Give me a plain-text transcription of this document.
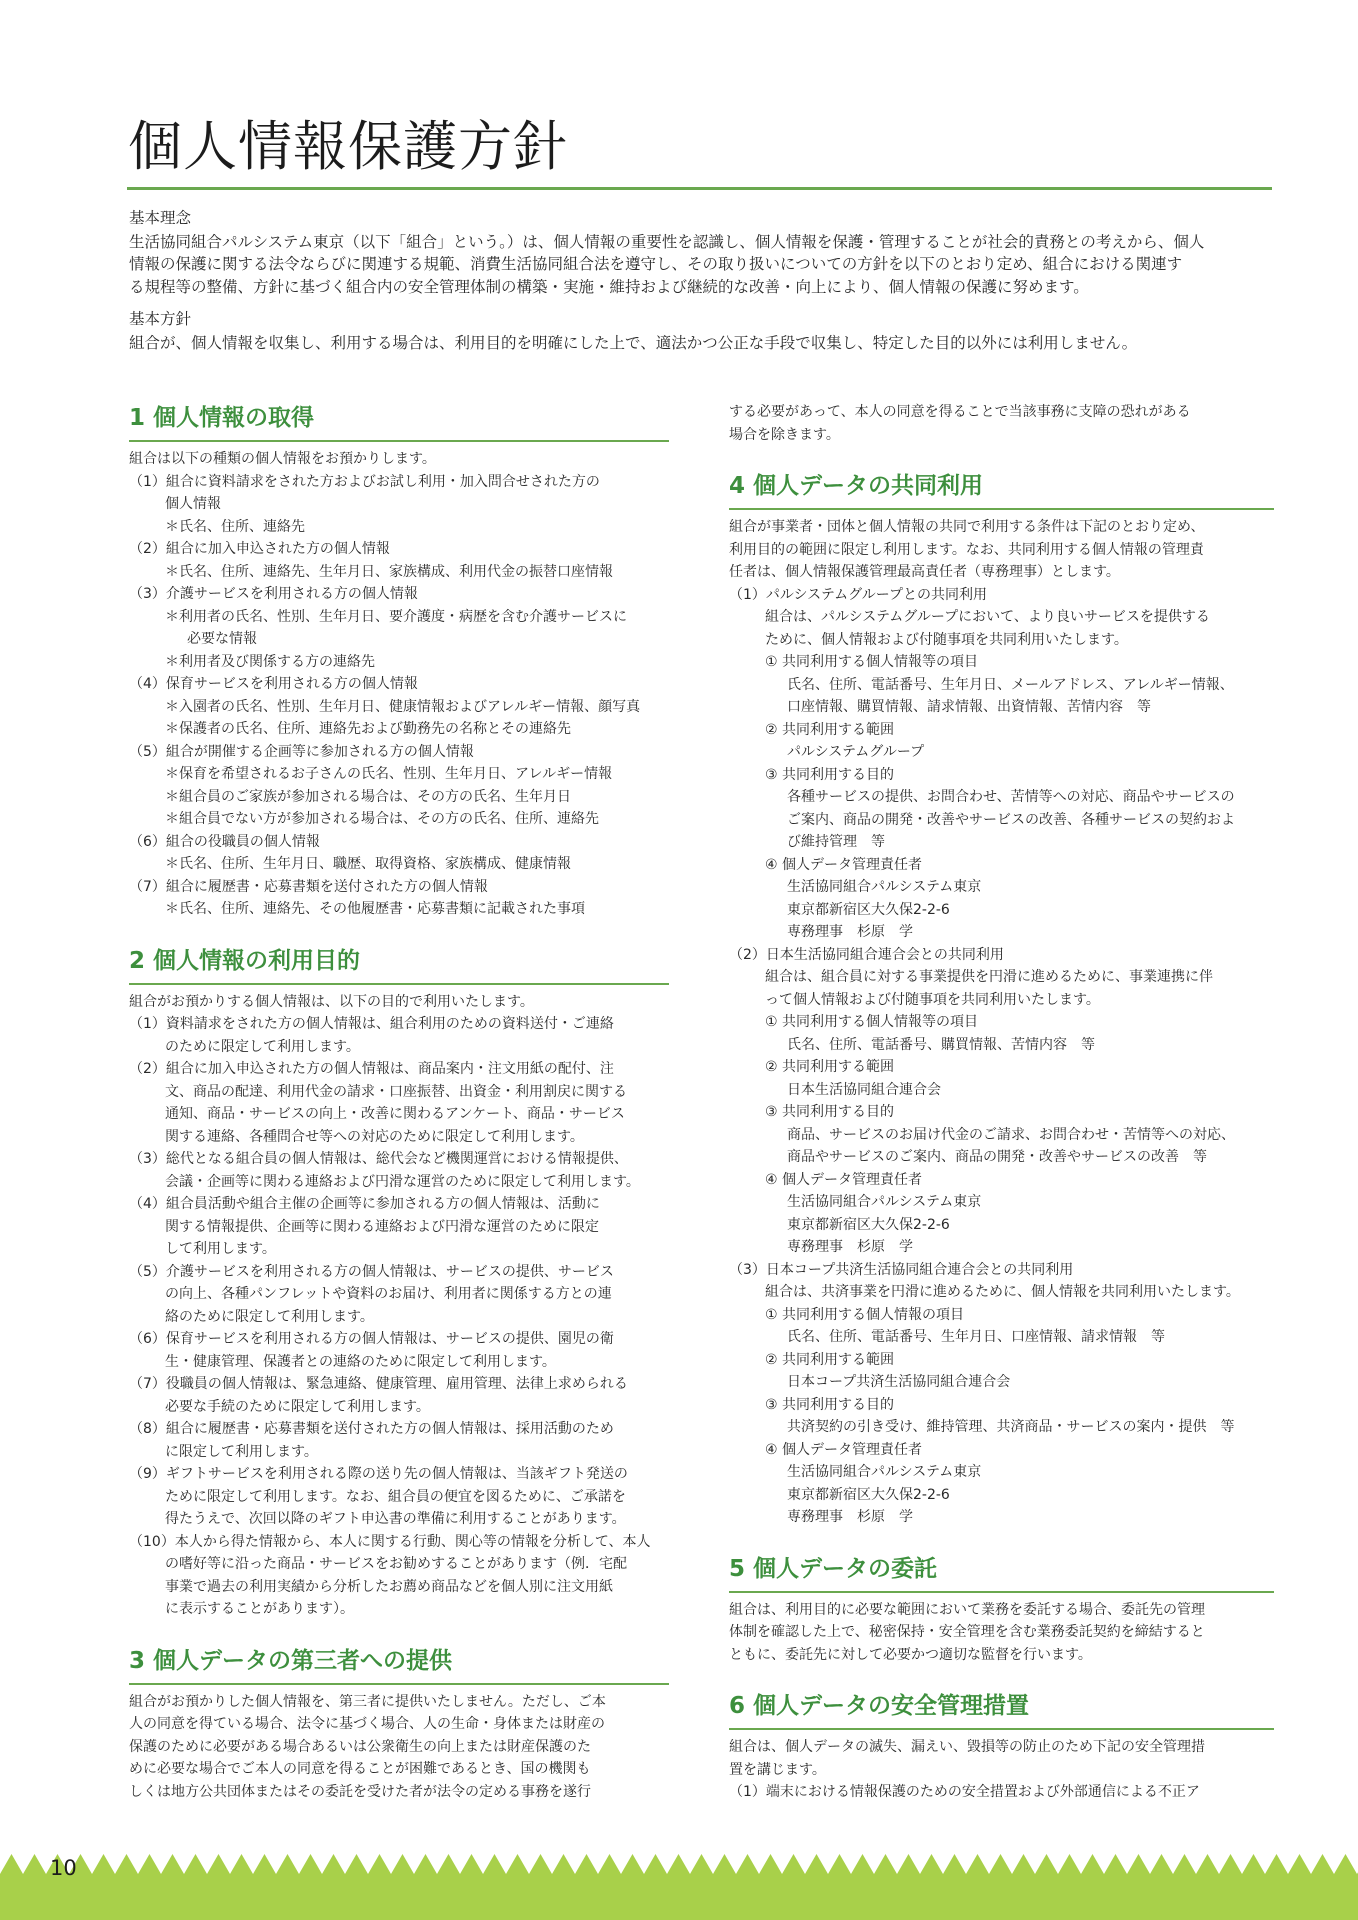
個人情報保護方針
基本理念
生活協同組合パルシステム東京（以下「組合」という。）は、個人情報の重要性を認識し、個人情報を保護・管理することが社会的責務との考えから、個人
情報の保護に関する法令ならびに関連する規範、消費生活協同組合法を遵守し、その取り扱いについての方針を以下のとおり定め、組合における関連す
る規程等の整備、方針に基づく組合内の安全管理体制の構築・実施・維持および継続的な改善・向上により、個人情報の保護に努めます。
基本方針
組合が、個人情報を収集し、利用する場合は、利用目的を明確にした上で、適法かつ公正な手段で収集し、特定した目的以外には利用しません。
1 個人情報の取得
組合は以下の種類の個人情報をお預かりします。
（1）組合に資料請求をされた方およびお試し利用・加入問合せされた方の
個人情報
＊氏名、住所、連絡先
（2）組合に加入申込された方の個人情報
＊氏名、住所、連絡先、生年月日、家族構成、利用代金の振替口座情報
（3）介護サービスを利用される方の個人情報
＊利用者の氏名、性別、生年月日、要介護度・病歴を含む介護サービスに
必要な情報
＊利用者及び関係する方の連絡先
（4）保育サービスを利用される方の個人情報
＊入園者の氏名、性別、生年月日、健康情報およびアレルギー情報、顔写真
＊保護者の氏名、住所、連絡先および勤務先の名称とその連絡先
（5）組合が開催する企画等に参加される方の個人情報
＊保育を希望されるお子さんの氏名、性別、生年月日、アレルギー情報
＊組合員のご家族が参加される場合は、その方の氏名、生年月日
＊組合員でない方が参加される場合は、その方の氏名、住所、連絡先
（6）組合の役職員の個人情報
＊氏名、住所、生年月日、職歴、取得資格、家族構成、健康情報
（7）組合に履歴書・応募書類を送付された方の個人情報
＊氏名、住所、連絡先、その他履歴書・応募書類に記載された事項
2 個人情報の利用目的
組合がお預かりする個人情報は、以下の目的で利用いたします。
（1）資料請求をされた方の個人情報は、組合利用のための資料送付・ご連絡
のために限定して利用します。
（2）組合に加入申込された方の個人情報は、商品案内・注文用紙の配付、注
文、商品の配達、利用代金の請求・口座振替、出資金・利用割戻に関する
通知、商品・サービスの向上・改善に関わるアンケート、商品・サービス
関する連絡、各種問合せ等への対応のために限定して利用します。
（3）総代となる組合員の個人情報は、総代会など機関運営における情報提供、
会議・企画等に関わる連絡および円滑な運営のために限定して利用します。
（4）組合員活動や組合主催の企画等に参加される方の個人情報は、活動に
関する情報提供、企画等に関わる連絡および円滑な運営のために限定
して利用します。
（5）介護サービスを利用される方の個人情報は、サービスの提供、サービス
の向上、各種パンフレットや資料のお届け、利用者に関係する方との連
絡のために限定して利用します。
（6）保育サービスを利用される方の個人情報は、サービスの提供、園児の衛
生・健康管理、保護者との連絡のために限定して利用します。
（7）役職員の個人情報は、緊急連絡、健康管理、雇用管理、法律上求められる
必要な手続のために限定して利用します。
（8）組合に履歴書・応募書類を送付された方の個人情報は、採用活動のため
に限定して利用します。
（9）ギフトサービスを利用される際の送り先の個人情報は、当該ギフト発送の
ために限定して利用します。なお、組合員の便宜を図るために、ご承諾を
得たうえで、次回以降のギフト申込書の準備に利用することがあります。
（10）本人から得た情報から、本人に関する行動、関心等の情報を分析して、本人
の嗜好等に沿った商品・サービスをお勧めすることがあります（例．宅配
事業で過去の利用実績から分析したお薦め商品などを個人別に注文用紙
に表示することがあります）。
3 個人データの第三者への提供
組合がお預かりした個人情報を、第三者に提供いたしません。ただし、ご本
人の同意を得ている場合、法令に基づく場合、人の生命・身体または財産の
保護のために必要がある場合あるいは公衆衛生の向上または財産保護のた
めに必要な場合でご本人の同意を得ることが困難であるとき、国の機関も
しくは地方公共団体またはその委託を受けた者が法令の定める事務を遂行
する必要があって、本人の同意を得ることで当該事務に支障の恐れがある
場合を除きます。
4 個人データの共同利用
組合が事業者・団体と個人情報の共同で利用する条件は下記のとおり定め、
利用目的の範囲に限定し利用します。なお、共同利用する個人情報の管理責
任者は、個人情報保護管理最高責任者（専務理事）とします。
（1）パルシステムグループとの共同利用
組合は、パルシステムグループにおいて、より良いサービスを提供する
ために、個人情報および付随事項を共同利用いたします。
① 共同利用する個人情報等の項目
氏名、住所、電話番号、生年月日、メールアドレス、アレルギー情報、
口座情報、購買情報、請求情報、出資情報、苦情内容　等
② 共同利用する範囲
パルシステムグループ
③ 共同利用する目的
各種サービスの提供、お問合わせ、苦情等への対応、商品やサービスの
ご案内、商品の開発・改善やサービスの改善、各種サービスの契約およ
び維持管理　等
④ 個人データ管理責任者
生活協同組合パルシステム東京
東京都新宿区大久保2-2-6
専務理事　杉原　学
（2）日本生活協同組合連合会との共同利用
組合は、組合員に対する事業提供を円滑に進めるために、事業連携に伴
って個人情報および付随事項を共同利用いたします。
① 共同利用する個人情報等の項目
氏名、住所、電話番号、購買情報、苦情内容　等
② 共同利用する範囲
日本生活協同組合連合会
③ 共同利用する目的
商品、サービスのお届け代金のご請求、お問合わせ・苦情等への対応、
商品やサービスのご案内、商品の開発・改善やサービスの改善　等
④ 個人データ管理責任者
生活協同組合パルシステム東京
東京都新宿区大久保2-2-6
専務理事　杉原　学
（3）日本コープ共済生活協同組合連合会との共同利用
組合は、共済事業を円滑に進めるために、個人情報を共同利用いたします。
① 共同利用する個人情報の項目
氏名、住所、電話番号、生年月日、口座情報、請求情報　等
② 共同利用する範囲
日本コープ共済生活協同組合連合会
③ 共同利用する目的
共済契約の引き受け、維持管理、共済商品・サービスの案内・提供　等
④ 個人データ管理責任者
生活協同組合パルシステム東京
東京都新宿区大久保2-2-6
専務理事　杉原　学
5 個人データの委託
組合は、利用目的に必要な範囲において業務を委託する場合、委託先の管理
体制を確認した上で、秘密保持・安全管理を含む業務委託契約を締結すると
ともに、委託先に対して必要かつ適切な監督を行います。
6 個人データの安全管理措置
組合は、個人データの滅失、漏えい、毀損等の防止のため下記の安全管理措
置を講じます。
（1）端末における情報保護のための安全措置および外部通信による不正ア
10
